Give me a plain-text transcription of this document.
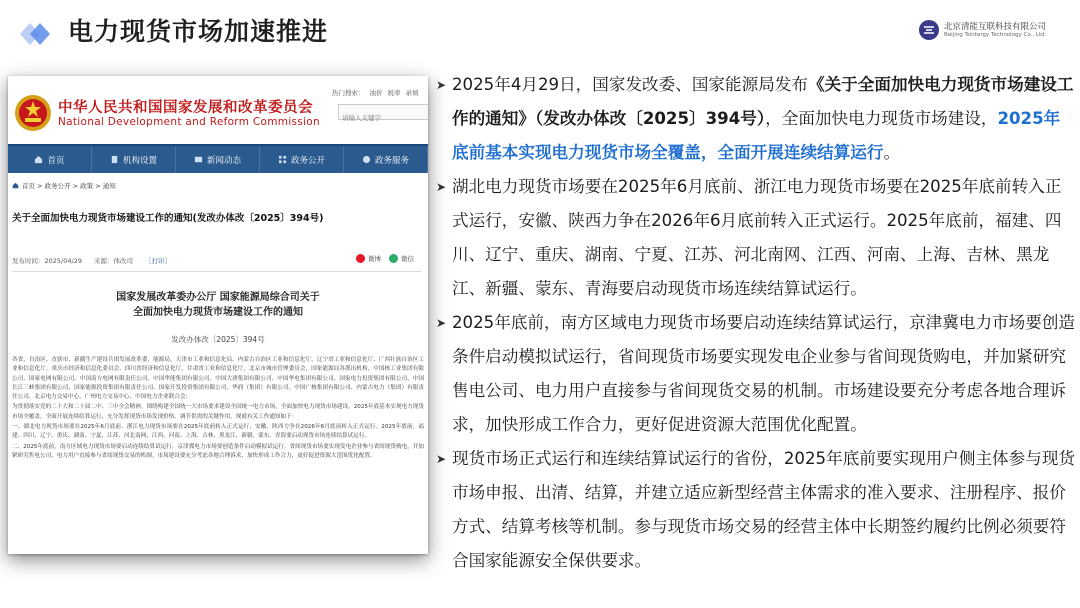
电力现货市场加速推进	北京清能互联科技有限公司
Beijing Tsintergy Technology Co., Ltd.
中华人民共和国国家发展和改革委员会
National Development and Reform Commission
热门搜索： 油价 税率 录填
请输入关键字
首页	机构设置	新闻动态	政务公开	政务服务
首页 > 政务公开 > 政策 > 通知
关于全面加快电力现货市场建设工作的通知(发改办体改〔2025〕394号)
发布时间：2025/04/29 来源：体改司 ［打印］	微博	微信
国家发展改革委办公厅 国家能源局综合司关于
全面加快电力现货市场建设工作的通知
发改办体改〔2025〕394号

各省、自治区、直辖市、新疆生产建设兵团发展改革委、能源局，天津市工业和信息化局、内蒙古自治区工业和信息化厅、辽宁省工业和信息化厅、广西壮族自治区工业和信息化厅、重庆市经济和信息化委员会、四川省经济和信息化厅、甘肃省工业和信息化厅，北京市城市管理委员会，国家能源局各派出机构，中国核工业集团有限公司、国家电网有限公司、中国南方电网有限责任公司、中国华能集团有限公司、中国大唐集团有限公司、中国华电集团有限公司、国家电力投资集团有限公司、中国长江三峡集团有限公司、国家能源投资集团有限责任公司、国家开发投资集团有限公司、华润（集团）有限公司、中国广核集团有限公司、内蒙古电力（集团）有限责任公司、北京电力交易中心、广州电力交易中心、中国电力企业联合会：

为贯彻落实党的二十大和二十届二中、三中全会精神，围绕构建全国统一大市场要求建设全国统一电力市场，全面加快电力现货市场建设，2025年底基本实现电力现货市场全覆盖，全面开展连续结算运行，充分发挥现货市场发现价格、调节供需的关键作用，现就有关工作通知如下：

一、湖北电力现货市场要在2025年6月底前、浙江电力现货市场要在2025年底前转入正式运行，安徽、陕西力争在2026年6月底前转入正式运行。2025年底前，福建、四川、辽宁、重庆、湖南、宁夏、江苏、河北南网、江西、河南、上海、吉林、黑龙江、新疆、蒙东、青海要启动现货市场连续结算试运行。

二、2025年底前，南方区域电力现货市场要启动连续结算试运行，京津冀电力市场要创造条件启动模拟试运行，省间现货市场要实现发电企业参与省间现货购电，并加紧研究售电公司、电力用户直接参与省间现货交易的机制。市场建设要充分考虑各地合理诉求，加快形成工作合力，更好促进资源大范围优化配置。

➤ 2025年4月29日，国家发改委、国家能源局发布《关于全面加快电力现货市场建设工作的通知》（发改办体改〔2025〕394号），全面加快电力现货市场建设，2025年底前基本实现电力现货市场全覆盖，全面开展连续结算运行。
➤ 湖北电力现货市场要在2025年6月底前、浙江电力现货市场要在2025年底前转入正式运行，安徽、陕西力争在2026年6月底前转入正式运行。2025年底前，福建、四川、辽宁、重庆、湖南、宁夏、江苏、河北南网、江西、河南、上海、吉林、黑龙江、新疆、蒙东、青海要启动现货市场连续结算试运行。
➤ 2025年底前，南方区域电力现货市场要启动连续结算试运行，京津冀电力市场要创造条件启动模拟试运行，省间现货市场要实现发电企业参与省间现货购电，并加紧研究售电公司、电力用户直接参与省间现货交易的机制。市场建设要充分考虑各地合理诉求，加快形成工作合力，更好促进资源大范围优化配置。
➤ 现货市场正式运行和连续结算试运行的省份，2025年底前要实现用户侧主体参与现货市场申报、出清、结算，并建立适应新型经营主体需求的准入要求、注册程序、报价方式、结算考核等机制。参与现货市场交易的经营主体中长期签约履约比例必须要符合国家能源安全保供要求。
